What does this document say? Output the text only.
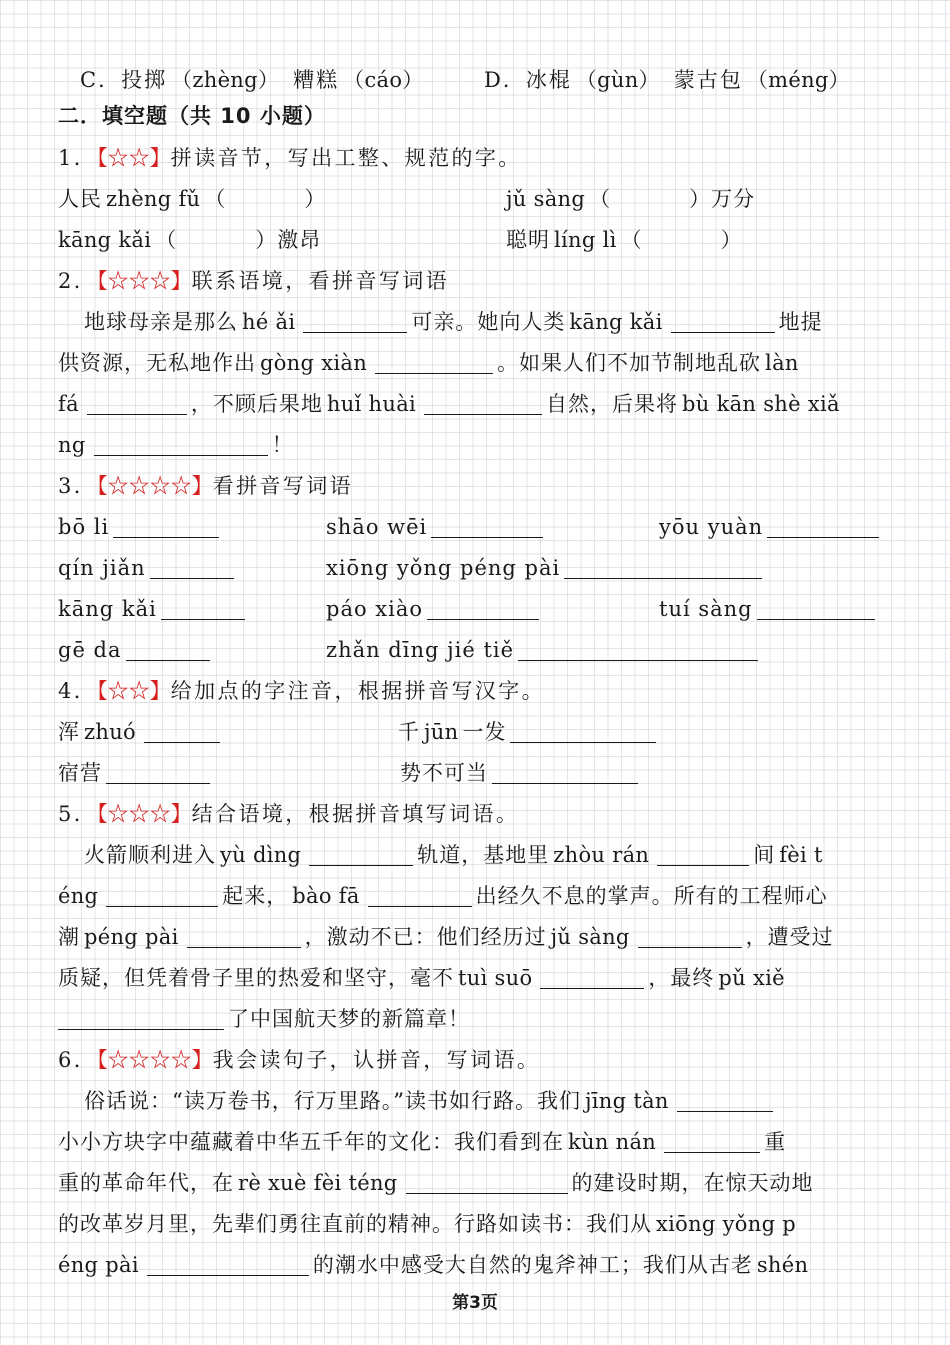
C．投掷 （zhèng） 糟糕 （cáo）	D．冰棍 （gùn） 蒙古包 （méng）
二．填空题（共 10 小题）
1．【☆☆】拼读音节，写出工整、规范的字。
人民 zhèng fǔ （	）	jǔ sàng （	）万分
kāng kǎi （	）激昂	聪明 líng lì （	）
2．【☆☆☆】联系语境，看拼音写词语
地球母亲是那么 hé ǎi	可亲。她向人类 kāng kǎi	地提
供资源，无私地作出 gòng xiàn	。如果人们不加节制地乱砍 làn
fá	，不顾后果地 huǐ huài	自然，后果将 bù kān shè xiǎ
ng	！
3．【☆☆☆☆】看拼音写词语
bō li	shāo wēi	yōu yuàn
qín jiǎn	xiōng yǒng péng pài
kāng kǎi	páo xiào	tuí sàng
gē da	zhǎn dīng jié tiě
4．【☆☆】给加点的字注音，根据拼音写汉字。
浑 zhuó	千 jūn 一发
宿营	势不可当
5．【☆☆☆】结合语境，根据拼音填写词语。
火箭顺利进入 yù dìng	轨道，基地里 zhòu rán	间 fèi t
éng	起来， bào fā	出经久不息的掌声。所有的工程师心
潮 péng pài	，激动不已：他们经历过 jǔ sàng	，遭受过
质疑，但凭着骨子里的热爱和坚守，毫不 tuì suō	，最终 pǔ xiě
了中国航天梦的新篇章！
6．【☆☆☆☆】我会读句子，认拼音，写词语。
俗话说：“读万卷书，行万里路。”读书如行路。我们 jīng tàn
小小方块字中蕴藏着中华五千年的文化：我们看到在 kùn nán	重
重的革命年代，在 rè xuè fèi téng	的建设时期，在惊天动地
的改革岁月里，先辈们勇往直前的精神。行路如读书：我们从 xiōng yǒng p
éng pài	的潮水中感受大自然的鬼斧神工；我们从古老 shén
第3页
